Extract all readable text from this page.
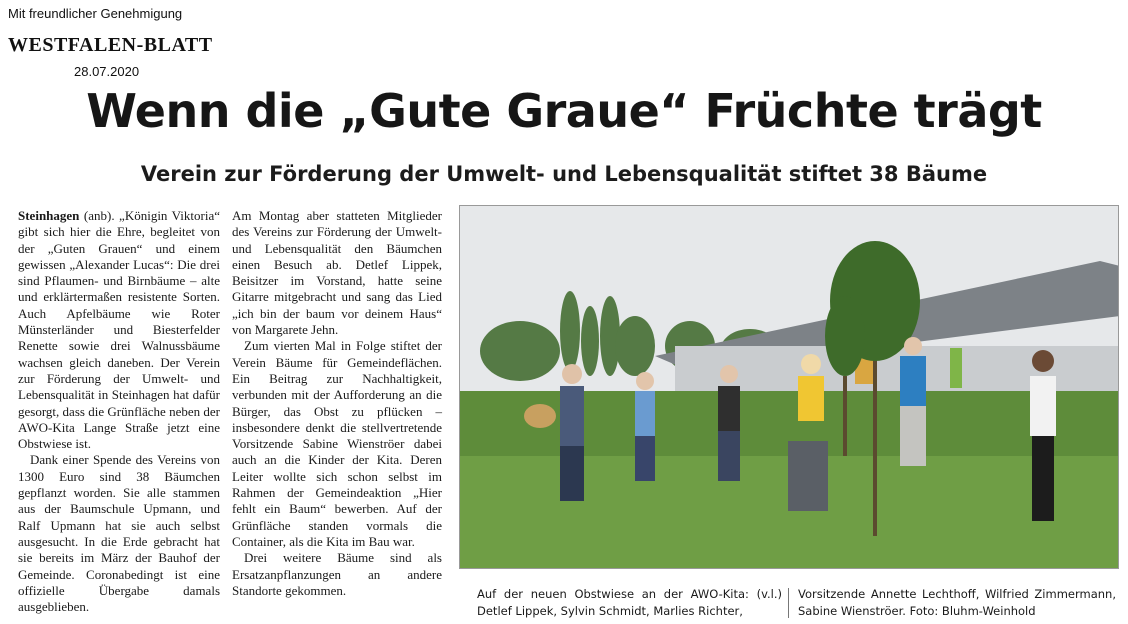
Mit freundlicher Genehmigung
WESTFALEN-BLATT
28.07.2020
Wenn die „Gute Graue“ Früchte trägt
Verein zur Förderung der Umwelt- und Lebensqualität stiftet 38 Bäume

Steinhagen (anb). „Königin Viktoria“ gibt sich hier die Ehre, begleitet von der „Guten Grauen“ und einem gewissen „Alexander Lucas“: Die drei sind Pflaumen- und Birnbäume – alte und erklärtermaßen resistente Sorten. Auch Apfelbäume wie Roter Münsterländer und Biesterfelder Renette sowie drei Walnussbäume wachsen gleich daneben. Der Verein zur Förderung der Umwelt- und Lebensqualität in Steinhagen hat dafür gesorgt, dass die Grünfläche neben der AWO-Kita Lange Straße jetzt eine Obstwiese ist.

Dank einer Spende des Vereins von 1300 Euro sind 38 Bäumchen gepflanzt worden. Sie alle stammen aus der Baumschule Upmann, und Ralf Upmann hat sie auch selbst ausgesucht. In die Erde gebracht hat sie bereits im März der Bauhof der Gemeinde. Coronabedingt ist eine offizielle Übergabe damals ausgeblieben.

Am Montag aber statteten Mitglieder des Vereins zur Förderung der Umwelt- und Lebensqualität den Bäumchen einen Besuch ab. Detlef Lippek, Beisitzer im Vorstand, hatte seine Gitarre mitgebracht und sang das Lied „ich bin der baum vor deinem Haus“ von Margarete Jehn.

Zum vierten Mal in Folge stiftet der Verein Bäume für Gemeindeflächen. Ein Beitrag zur Nachhaltigkeit, verbunden mit der Aufforderung an die Bürger, das Obst zu pflücken – insbesondere denkt die stellvertretende Vorsitzende Sabine Wienströer dabei auch an die Kinder der Kita. Deren Leiter wollte sich schon selbst im Rahmen der Gemeindeaktion „Hier fehlt ein Baum“ bewerben. Auf der Grünfläche standen vormals die Container, als die Kita im Bau war.

Drei weitere Bäume sind als Ersatzanpflanzungen an andere Standorte gekommen.	Auf der neuen Obstwiese an der AWO-Kita: (v.l.) Detlef Lippek, Sylvin Schmidt, Marlies Richter,
Vorsitzende Annette Lechthoff, Wilfried Zimmermann, Sabine Wienströer. Foto: Bluhm-Weinhold
